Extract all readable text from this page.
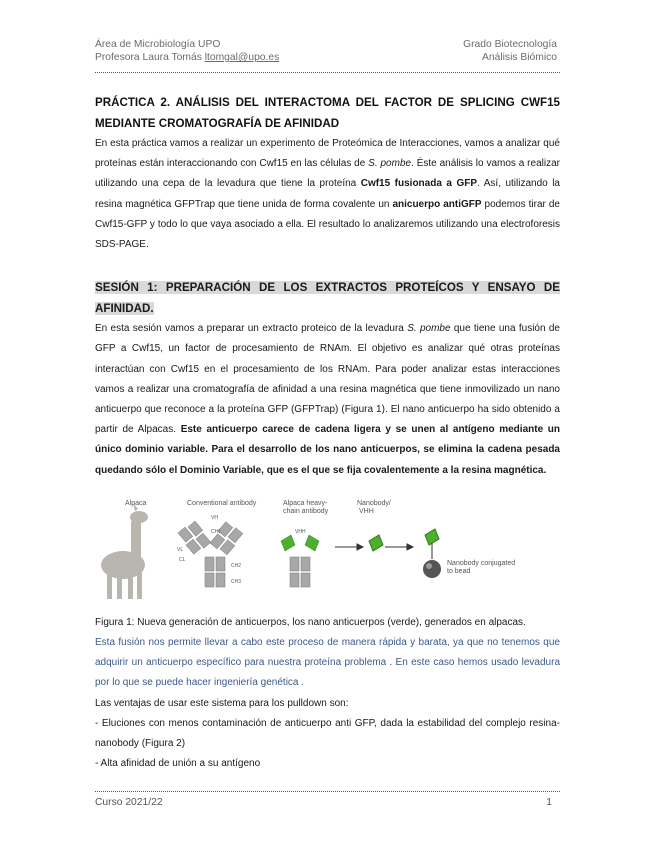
Área de Microbiología UPO
Profesora Laura Tomás ltomgal@upo.es
Grado Biotecnología
Análisis Biómico
PRÁCTICA 2. ANÁLISIS DEL INTERACTOMA DEL FACTOR DE SPLICING CWF15 MEDIANTE CROMATOGRAFÍA DE AFINIDAD

En esta práctica vamos a realizar un experimento de Proteómica de Interacciones, vamos a analizar qué proteínas están interaccionando con Cwf15 en las células de S. pombe. Éste análisis lo vamos a realizar utilizando una cepa de la levadura que tiene la proteína Cwf15 fusionada a GFP. Así, utilizando la resina magnética GFPTrap que tiene unida de forma covalente un anicuerpo antiGFP podemos tirar de Cwf15-GFP y todo lo que vaya asociado a ella. El resultado lo analizaremos utilizando una electroforesis SDS-PAGE.

SESIÓN 1: PREPARACIÓN DE LOS EXTRACTOS PROTEÍCOS Y ENSAYO DE AFINIDAD.

En esta sesión vamos a preparar un extracto proteico de la levadura S. pombe que tiene una fusión de GFP a Cwf15, un factor de procesamiento de RNAm. El objetivo es analizar qué otras proteínas interactúan con Cwf15 en el procesamiento de los RNAm. Para poder analizar estas interacciones vamos a realizar una cromatografía de afinidad a una resina magnética que tiene inmovilizado un nano anticuerpo que reconoce a la proteína GFP (GFPTrap) (Figura 1). El nano anticuerpo ha sido obtenido a partir de Alpacas. Este anticuerpo carece de cadena ligera y se unen al antígeno mediante un único dominio variable. Para el desarrollo de los nano anticuerpos, se elimina la cadena pesada quedando sólo el Dominio Variable, que es el que se fija covalentemente a la resina magnética.

Alpaca	Conventional antibody	Alpaca heavy-
chain antibody
Nanobody/
VHH
Nanobody conjugated
to bead
VH
VL
CH1
CL
CH2
CH3
VHH

Figura 1: Nueva generación de anticuerpos, los nano anticuerpos (verde), generados en alpacas.

Esta fusión nos permite llevar a cabo este proceso de manera rápida y barata, ya que no tenemos que adquirir un anticuerpo específico para nuestra proteína problema . En este caso hemos usado levadura por lo que se puede hacer ingeniería genética .

Las ventajas de usar este sistema para los pulldown son:

- Eluciones con menos contaminación de anticuerpo anti GFP, dada la estabilidad del complejo resina-nanobody (Figura 2)

- Alta afinidad de unión a su antígeno

Curso 2021/22	1
